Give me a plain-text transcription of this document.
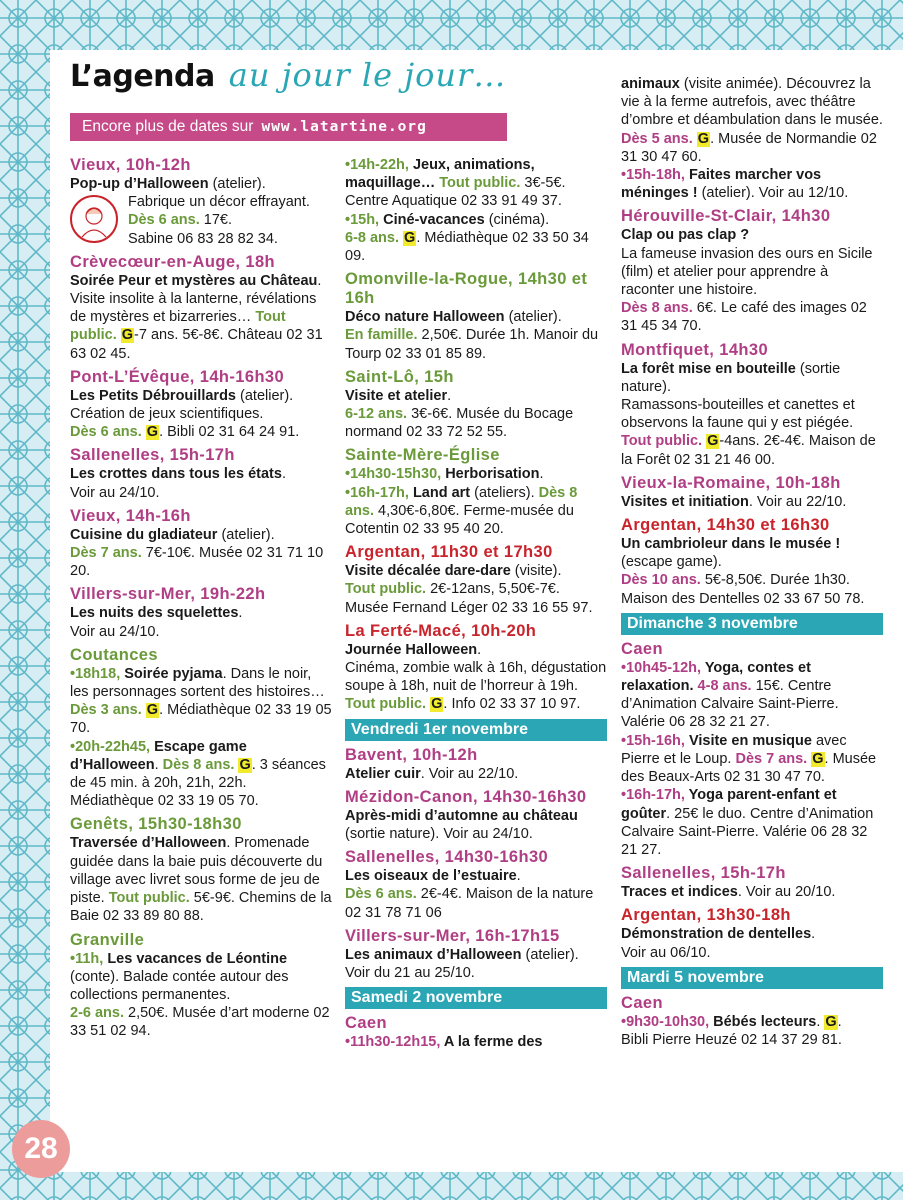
L’agenda au jour le jour…
Encore plus de dates sur www.latartine.org
Vieux, 10h-12h
Pop-up d’Halloween (atelier).
Fabrique un décor effrayant.
Dès 6 ans. 17€.
Sabine 06 83 28 82 34.
Crèvecœur-en-Auge, 18h
Soirée Peur et mystères au Château.
Visite insolite à la lanterne, révélations de mystères et bizarreries… Tout public. G-7 ans. 5€-8€. Château 02 31 63 02 45.
Pont-L’Évêque, 14h-16h30
Les Petits Débrouillards (atelier).
Création de jeux scientifiques.
Dès 6 ans. G. Bibli 02 31 64 24 91.
Sallenelles, 15h-17h
Les crottes dans tous les états.
Voir au 24/10.
Vieux, 14h-16h
Cuisine du gladiateur (atelier).
Dès 7 ans. 7€-10€. Musée 02 31 71 10 20.
Villers-sur-Mer, 19h-22h
Les nuits des squelettes.
Voir au 24/10.
Coutances
•18h18, Soirée pyjama. Dans le noir, les personnages sortent des histoires… Dès 3 ans. G. Médiathèque 02 33 19 05 70.
•20h-22h45, Escape game d’Halloween. Dès 8 ans. G. 3 séances de 45 min. à 20h, 21h, 22h. Médiathèque 02 33 19 05 70.
Genêts, 15h30-18h30
Traversée d’Halloween. Promenade guidée dans la baie puis découverte du village avec livret sous forme de jeu de piste. Tout public. 5€-9€. Chemins de la Baie 02 33 89 80 88.
Granville
•11h, Les vacances de Léontine (conte). Balade contée autour des collections permanentes.
2-6 ans. 2,50€. Musée d’art moderne 02 33 51 02 94.
•14h-22h, Jeux, animations, maquillage… Tout public. 3€-5€. Centre Aquatique 02 33 91 49 37.
•15h, Ciné-vacances (cinéma).
6-8 ans. G. Médiathèque 02 33 50 34 09.
Omonville-la-Rogue, 14h30 et 16h
Déco nature Halloween (atelier).
En famille. 2,50€. Durée 1h. Manoir du Tourp 02 33 01 85 89.
Saint-Lô, 15h
Visite et atelier.
6-12 ans. 3€-6€. Musée du Bocage normand 02 33 72 52 55.
Sainte-Mère-Église
•14h30-15h30, Herborisation.
•16h-17h, Land art (ateliers). Dès 8 ans. 4,30€-6,80€. Ferme-musée du Cotentin 02 33 95 40 20.
Argentan, 11h30 et 17h30
Visite décalée dare-dare (visite).
Tout public. 2€-12ans, 5,50€-7€. Musée Fernand Léger 02 33 16 55 97.
La Ferté-Macé, 10h-20h
Journée Halloween.
Cinéma, zombie walk à 16h, dégustation soupe à 18h, nuit de l’horreur à 19h.
Tout public. G. Info 02 33 37 10 97.
Vendredi 1er novembre
Bavent, 10h-12h
Atelier cuir. Voir au 22/10.
Mézidon-Canon, 14h30-16h30
Après-midi d’automne au château (sortie nature). Voir au 24/10.
Sallenelles, 14h30-16h30
Les oiseaux de l’estuaire.
Dès 6 ans. 2€-4€. Maison de la nature 02 31 78 71 06
Villers-sur-Mer, 16h-17h15
Les animaux d’Halloween (atelier). Voir du 21 au 25/10.
Samedi 2 novembre
Caen
•11h30-12h15, A la ferme des
animaux (visite animée). Découvrez la vie à la ferme autrefois, avec théâtre d’ombre et déambulation dans le musée. Dès 5 ans. G. Musée de Normandie 02 31 30 47 60.
•15h-18h, Faites marcher vos méninges ! (atelier). Voir au 12/10.
Hérouville-St-Clair, 14h30
Clap ou pas clap ?
La fameuse invasion des ours en Sicile (film) et atelier pour apprendre à raconter une histoire.
Dès 8 ans. 6€. Le café des images 02 31 45 34 70.
Montfiquet, 14h30
La forêt mise en bouteille (sortie nature).
Ramassons-bouteilles et canettes et observons la faune qui y est piégée.
Tout public. G-4ans. 2€-4€. Maison de la Forêt 02 31 21 46 00.
Vieux-la-Romaine, 10h-18h
Visites et initiation. Voir au 22/10.
Argentan, 14h30 et 16h30
Un cambrioleur dans le musée !
(escape game).
Dès 10 ans. 5€-8,50€. Durée 1h30. Maison des Dentelles 02 33 67 50 78.
Dimanche 3 novembre
Caen
•10h45-12h, Yoga, contes et relaxation. 4-8 ans. 15€. Centre d’Animation Calvaire Saint-Pierre. Valérie 06 28 32 21 27.
•15h-16h, Visite en musique avec Pierre et le Loup. Dès 7 ans. G. Musée des Beaux-Arts 02 31 30 47 70.
•16h-17h, Yoga parent-enfant et goûter. 25€ le duo. Centre d’Animation Calvaire Saint-Pierre. Valérie 06 28 32 21 27.
Sallenelles, 15h-17h
Traces et indices. Voir au 20/10.
Argentan, 13h30-18h
Démonstration de dentelles.
Voir au 06/10.
Mardi 5 novembre
Caen
•9h30-10h30, Bébés lecteurs. G.
Bibli Pierre Heuzé 02 14 37 29 81.
28
